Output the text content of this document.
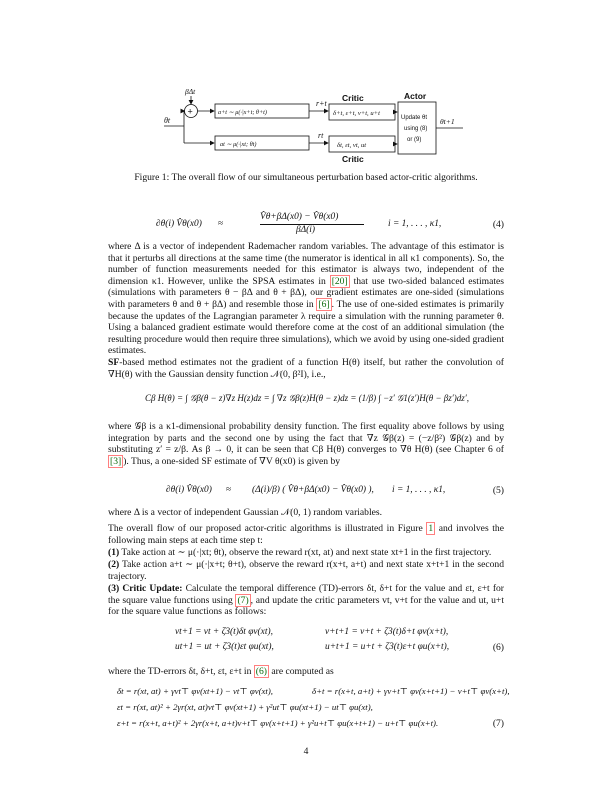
βΔt
+
θt
a+t ∼ μ(·|x+t; θ+t)
at ∼ μ(·|xt; θt)
r+t
rt
Critic
δ+t, ε+t, v+t, u+t
δt, εt, vt, ut
Critic
Actor
Update θt
using (8)
or (9)
θt+1
Figure 1: The overall flow of our simultaneous perturbation based actor-critic algorithms.
∂θ(i) V̂θ(x0) ≈
V̂θ+βΔ(x0) − V̂θ(x0)
βΔ(i)
i = 1, . . . , κ1,	(4)
where Δ is a vector of independent Rademacher random variables. The advantage of this estimator is that it perturbs all directions at the same time (the numerator is identical in all κ1 components). So, the number of function measurements needed for this estimator is always two, independent of the dimension κ1. However, unlike the SPSA estimates in [20] that use two-sided balanced estimates (simulations with parameters θ − βΔ and θ + βΔ), our gradient estimates are one-sided (simulations with parameters θ and θ + βΔ) and resemble those in [6] . The use of one-sided estimates is primarily because the updates of the Lagrangian parameter λ require a simulation with the running parameter θ. Using a balanced gradient estimate would therefore come at the cost of an additional simulation (the resulting procedure would then require three simulations), which we avoid by using one-sided gradient estimates.
SF-based method estimates not the gradient of a function H(θ) itself, but rather the convolution of ∇H(θ) with the Gaussian density function 𝒩(0, β²I), i.e.,
Cβ H(θ) = ∫ 𝒢β(θ − z)∇z H(z)dz = ∫ ∇z 𝒢β(z)H(θ − z)dz = (1/β) ∫ −z′ 𝒢1(z′)H(θ − βz′)dz′,
where 𝒢β is a κ1-dimensional probability density function. The first equality above follows by using integration by parts and the second one by using the fact that ∇z 𝒢β(z) = (−z/β²) 𝒢β(z) and by substituting z′ = z/β. As β → 0, it can be seen that Cβ H(θ) converges to ∇θ H(θ) (see Chapter 6 of [3] ). Thus, a one-sided SF estimate of ∇V θ(x0) is given by
∂θ(i) V̂θ(x0) ≈ (Δ(i)/β) ( V̂θ+βΔ(x0) − V̂θ(x0) ), i = 1, . . . , κ1,	(5)
where Δ is a vector of independent Gaussian 𝒩(0, 1) random variables.
The overall flow of our proposed actor-critic algorithms is illustrated in Figure 1 and involves the following main steps at each time step t:
(1) Take action at ∼ μ(·|xt; θt), observe the reward r(xt, at) and next state xt+1 in the first trajectory.
(2) Take action a+t ∼ μ(·|x+t; θ+t), observe the reward r(x+t, a+t) and next state x+t+1 in the second trajectory.
(3) Critic Update: Calculate the temporal difference (TD)-errors δt, δ+t for the value and εt, ε+t for the square value functions using (7) , and update the critic parameters vt, v+t for the value and ut, u+t for the square value functions as follows:
vt+1 = vt + ζ3(t)δt φv(xt),	v+t+1 = v+t + ζ3(t)δ+t φv(x+t),
ut+1 = ut + ζ3(t)εt φu(xt),	u+t+1 = u+t + ζ3(t)ε+t φu(x+t),	(6)
where the TD-errors δt, δ+t, εt, ε+t in (6) are computed as
δt = r(xt, at) + γvt⊤ φv(xt+1) − vt⊤ φv(xt),	δ+t = r(x+t, a+t) + γv+t⊤ φv(x+t+1) − v+t⊤ φv(x+t),
εt = r(xt, at)² + 2γr(xt, at)vt⊤ φv(xt+1) + γ²ut⊤ φu(xt+1) − ut⊤ φu(xt),
ε+t = r(x+t, a+t)² + 2γr(x+t, a+t)v+t⊤ φv(x+t+1) + γ²u+t⊤ φu(x+t+1) − u+t⊤ φu(x+t).	(7)
4
